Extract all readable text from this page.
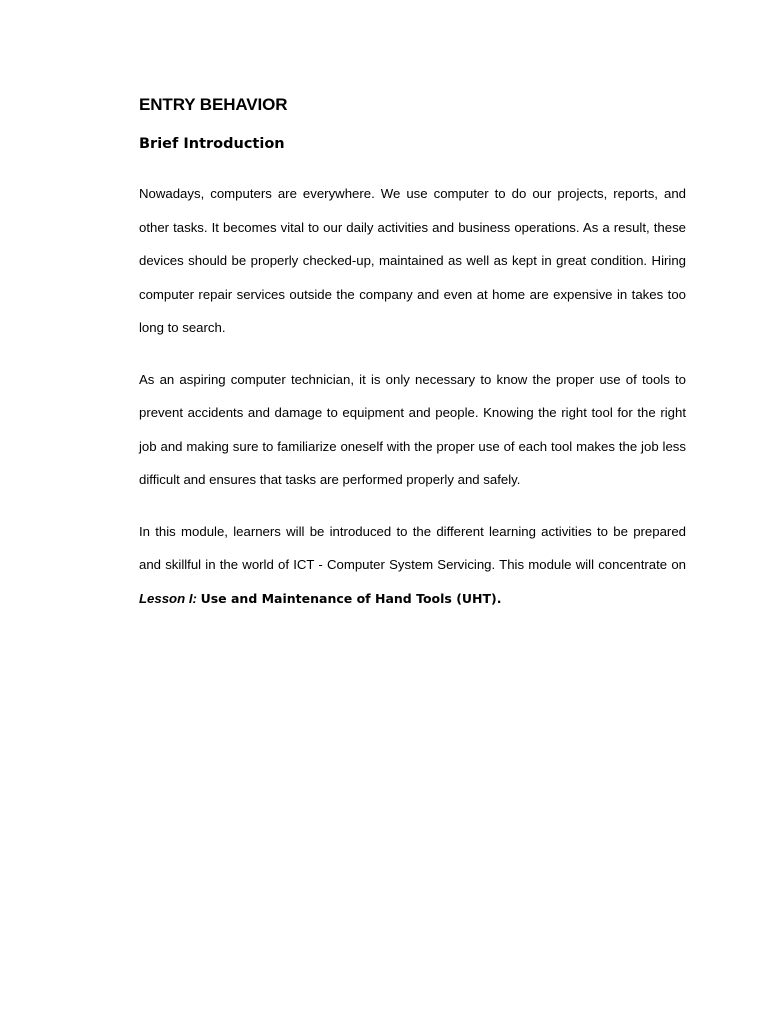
ENTRY BEHAVIOR
Brief Introduction

Nowadays, computers are everywhere. We use computer to do our projects, reports, and other tasks. It becomes vital to our daily activities and business operations. As a result, these devices should be properly checked-up, maintained as well as kept in great condition. Hiring computer repair services outside the company and even at home are expensive in takes too long to search.

As an aspiring computer technician, it is only necessary to know the proper use of tools to prevent accidents and damage to equipment and people. Knowing the right tool for the right job and making sure to familiarize oneself with the proper use of each tool makes the job less difficult and ensures that tasks are performed properly and safely.

In this module, learners will be introduced to the different learning activities to be prepared and skillful in the world of ICT - Computer System Servicing. This module will concentrate on Lesson I: Use and Maintenance of Hand Tools (UHT).
